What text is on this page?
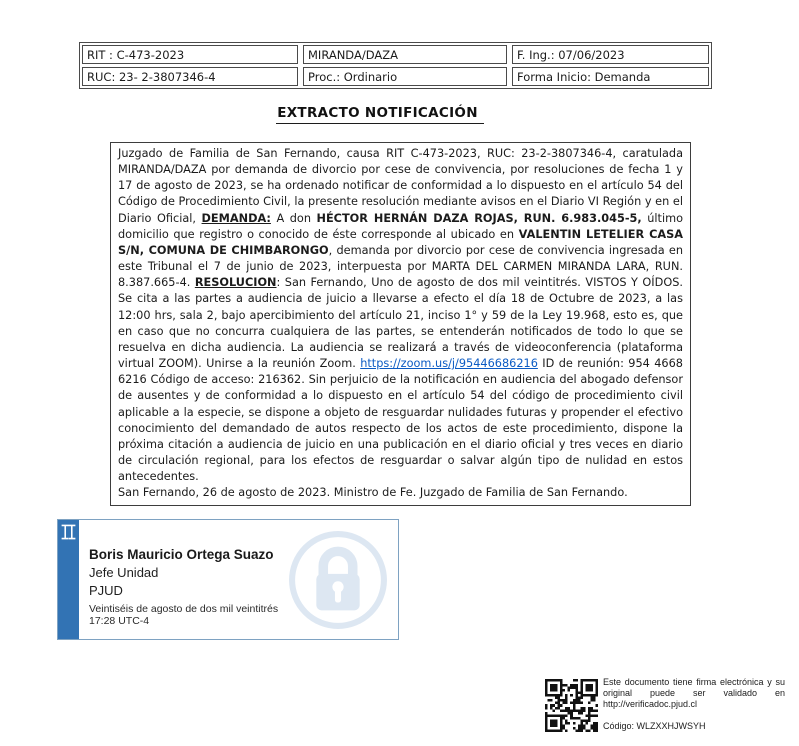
RIT : C-473-2023	MIRANDA/DAZA	F. Ing.: 07/06/2023
RUC: 23- 2-3807346-4	Proc.: Ordinario	Forma Inicio: Demanda
EXTRACTO NOTIFICACIÓN

Juzgado de Familia de San Fernando, causa RIT C-473-2023, RUC: 23-2-3807346-4, caratulada MIRANDA/DAZA por demanda de divorcio por cese de convivencia, por resoluciones de fecha 1 y 17 de agosto de 2023, se ha ordenado notificar de conformidad a lo dispuesto en el artículo 54 del Código de Procedimiento Civil, la presente resolución mediante avisos en el Diario VI Región y en el Diario Oficial, DEMANDA: A don HÉCTOR HERNÁN DAZA ROJAS, RUN. 6.983.045-5, último domicilio que registro o conocido de éste corresponde al ubicado en VALENTIN LETELIER CASA S/N, COMUNA DE CHIMBARONGO, demanda por divorcio por cese de convivencia ingresada en este Tribunal el 7 de junio de 2023, interpuesta por MARTA DEL CARMEN MIRANDA LARA, RUN. 8.387.665-4. RESOLUCION: San Fernando, Uno de agosto de dos mil veintitrés. VISTOS Y OÍDOS. Se cita a las partes a audiencia de juicio a llevarse a efecto el día 18 de Octubre de 2023, a las 12:00 hrs, sala 2, bajo apercibimiento del artículo 21, inciso 1° y 59 de la Ley 19.968, esto es, que en caso que no concurra cualquiera de las partes, se entenderán notificados de todo lo que se resuelva en dicha audiencia. La audiencia se realizará a través de videoconferencia (plataforma virtual ZOOM). Unirse a la reunión Zoom. https://zoom.us/j/95446686216 ID de reunión: 954 4668 6216 Código de acceso: 216362. Sin perjuicio de la notificación en audiencia del abogado defensor de ausentes y de conformidad a lo dispuesto en el artículo 54 del código de procedimiento civil aplicable a la especie, se dispone a objeto de resguardar nulidades futuras y propender el efectivo conocimiento del demandado de autos respecto de los actos de este procedimiento, dispone la próxima citación a audiencia de juicio en una publicación en el diario oficial y tres veces en diario de circulación regional, para los efectos de resguardar o salvar algún tipo de nulidad en estos antecedentes.

San Fernando, 26 de agosto de 2023. Ministro de Fe. Juzgado de Familia de San Fernando.

Boris Mauricio Ortega Suazo
Jefe Unidad
PJUD
Veintiséis de agosto de dos mil veintitrés
17:28 UTC-4
Este documento tiene firma electrónica y su original puede ser validado en http://verificadoc.pjud.cl
Código: WLZXXHJWSYH
